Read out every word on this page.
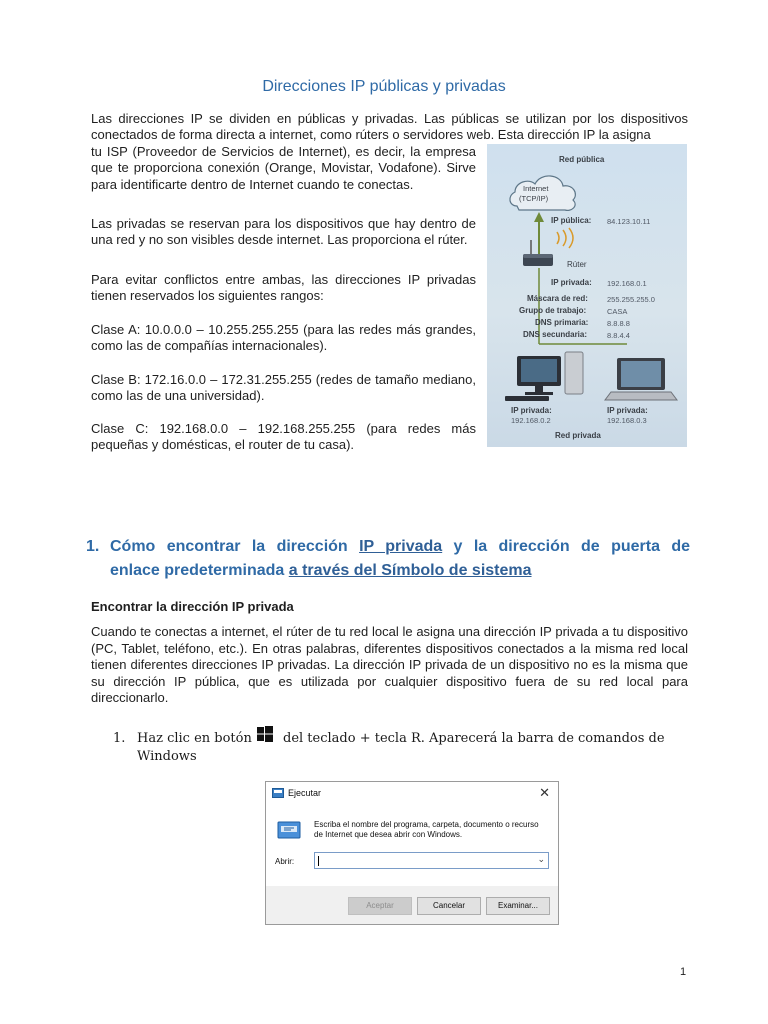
Direcciones IP públicas y privadas
Las direcciones IP se dividen en públicas y privadas. Las públicas se utilizan por los dispositivos conectados de forma directa a internet, como rúters o servidores web. Esta dirección IP la asigna
tu ISP (Proveedor de Servicios de Internet), es decir, la empresa que te proporciona conexión (Orange, Movistar, Vodafone). Sirve para identificarte dentro de Internet cuando te conectas.
Las privadas se reservan para los dispositivos que hay dentro de una red y no son visibles desde internet. Las proporciona el rúter.
Para evitar conflictos entre ambas, las direcciones IP privadas tienen reservados los siguientes rangos:
Clase A: 10.0.0.0 – 10.255.255.255 (para las redes más grandes, como las de compañías internacionales).
Clase B: 172.16.0.0 – 172.31.255.255 (redes de tamaño mediano, como las de una universidad).
Clase C: 192.168.0.0 – 192.168.255.255 (para redes más pequeñas y domésticas, el router de tu casa).
Red pública
Internet
(TCP/IP)
IP pública: 84.123.10.11
Rúter
IP privada: 192.168.0.1
Máscara de red:	255.255.255.0
Grupo de trabajo:	CASA
DNS primaria: 8.8.8.8
DNS secundaria:	8.8.4.4
IP privada:
192.168.0.2
IP privada:
192.168.0.3
Red privada
1. Cómo encontrar la dirección IP privada y la dirección de puerta de
enlace predeterminada a través del Símbolo de sistema
Encontrar la dirección IP privada
Cuando te conectas a internet, el rúter de tu red local le asigna una dirección IP privada a tu dispositivo (PC, Tablet, teléfono, etc.). En otras palabras, diferentes dispositivos conectados a la misma red local tienen diferentes direcciones IP privadas. La dirección IP privada de un dispositivo no es la misma que su dirección IP pública, que es utilizada por cualquier dispositivo fuera de su red local para direccionarlo.
1. Haz clic en botón del teclado + tecla R. Aparecerá la barra de comandos de
Windows
Ejecutar	✕
Escriba el nombre del programa, carpeta, documento o recurso de Internet que desea abrir con Windows.
Abrir:	⌄
Aceptar	Cancelar	Examinar...
1
